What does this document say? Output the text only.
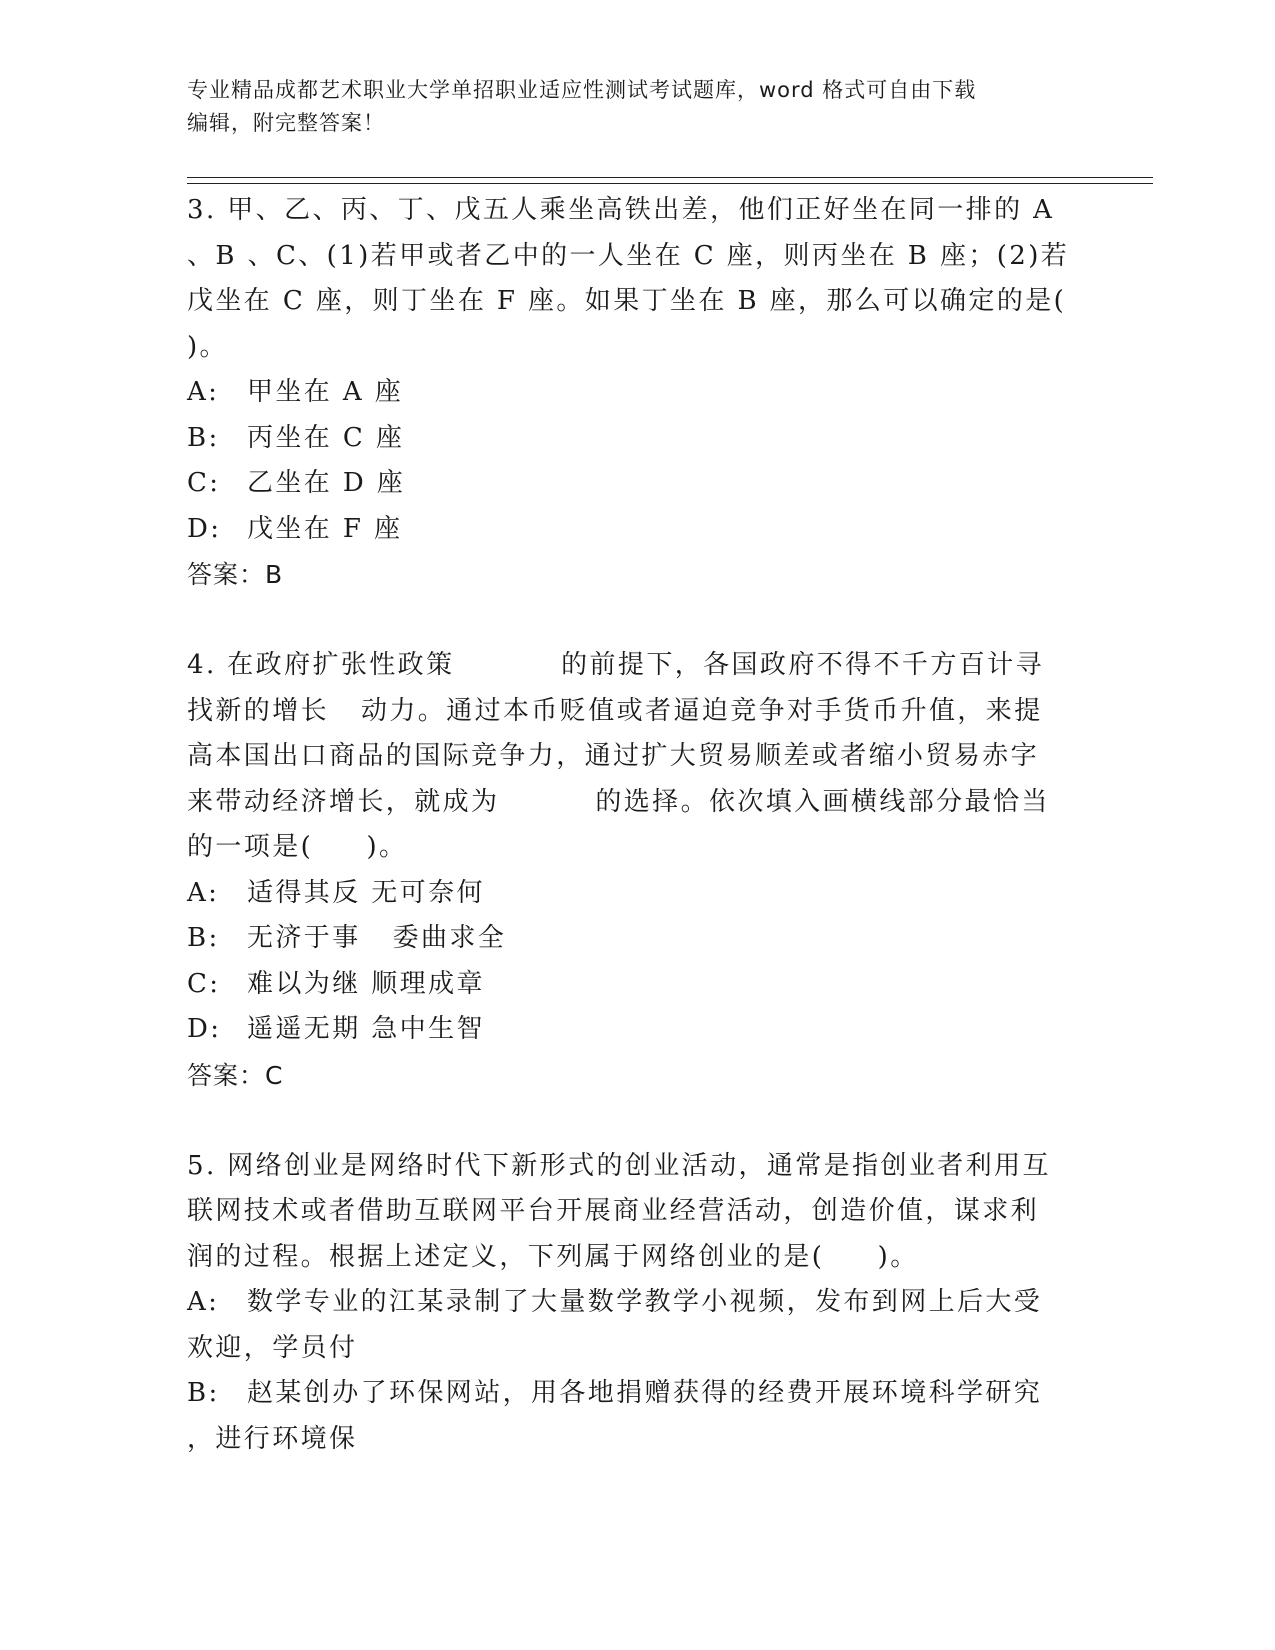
专业精品成都艺术职业大学单招职业适应性测试考试题库，word 格式可自由下载
编辑，附完整答案！
3. 甲、乙、丙、丁、戊五人乘坐高铁出差，他们正好坐在同一排的 A
、B 、C、(1)若甲或者乙中的一人坐在 C 座，则丙坐在 B 座；(2)若
戊坐在 C 座，则丁坐在 F 座。如果丁坐在 B 座，那么可以确定的是(
)。
A: 甲坐在 A 座
B: 丙坐在 C 座
C: 乙坐在 D 座
D: 戊坐在 F 座
答案：B
4. 在政府扩张性政策          的前提下，各国政府不得不千方百计寻
找新的增长   动力。通过本币贬值或者逼迫竞争对手货币升值，来提
高本国出口商品的国际竞争力，通过扩大贸易顺差或者缩小贸易赤字
来带动经济增长，就成为         的选择。依次填入画横线部分最恰当
的一项是(     )。
A: 适得其反 无可奈何
B: 无济于事   委曲求全
C: 难以为继 顺理成章
D: 遥遥无期 急中生智
答案：C
5. 网络创业是网络时代下新形式的创业活动，通常是指创业者利用互
联网技术或者借助互联网平台开展商业经营活动，创造价值，谋求利
润的过程。根据上述定义，下列属于网络创业的是(     )。
A: 数学专业的江某录制了大量数学教学小视频，发布到网上后大受
欢迎，学员付
B: 赵某创办了环保网站，用各地捐赠获得的经费开展环境科学研究
，进行环境保
